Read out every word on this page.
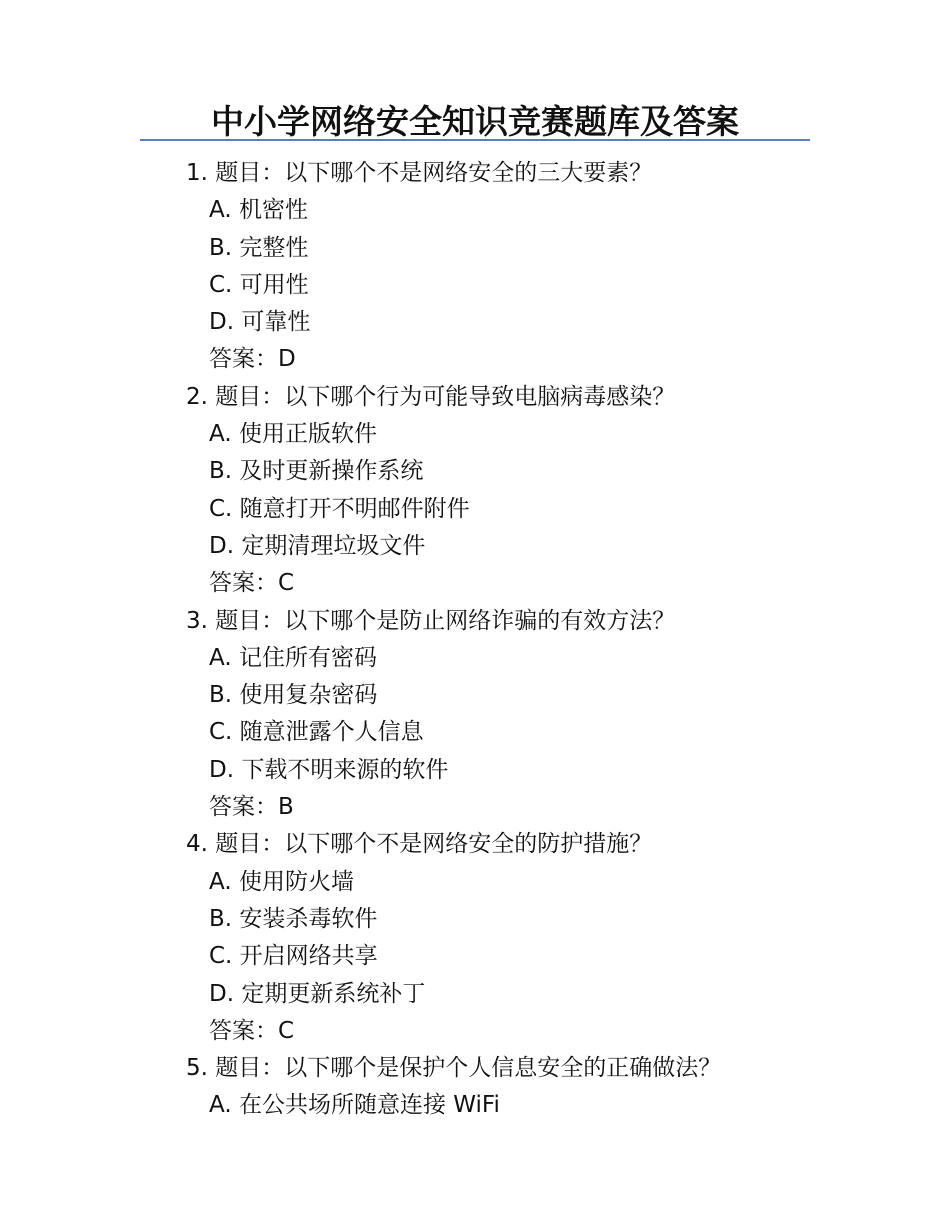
中小学网络安全知识竞赛题库及答案
1. 题目：以下哪个不是网络安全的三大要素？
A. 机密性
B. 完整性
C. 可用性
D. 可靠性
答案：D
2. 题目：以下哪个行为可能导致电脑病毒感染？
A. 使用正版软件
B. 及时更新操作系统
C. 随意打开不明邮件附件
D. 定期清理垃圾文件
答案：C
3. 题目：以下哪个是防止网络诈骗的有效方法？
A. 记住所有密码
B. 使用复杂密码
C. 随意泄露个人信息
D. 下载不明来源的软件
答案：B
4. 题目：以下哪个不是网络安全的防护措施？
A. 使用防火墙
B. 安装杀毒软件
C. 开启网络共享
D. 定期更新系统补丁
答案：C
5. 题目：以下哪个是保护个人信息安全的正确做法？
A. 在公共场所随意连接 WiFi
